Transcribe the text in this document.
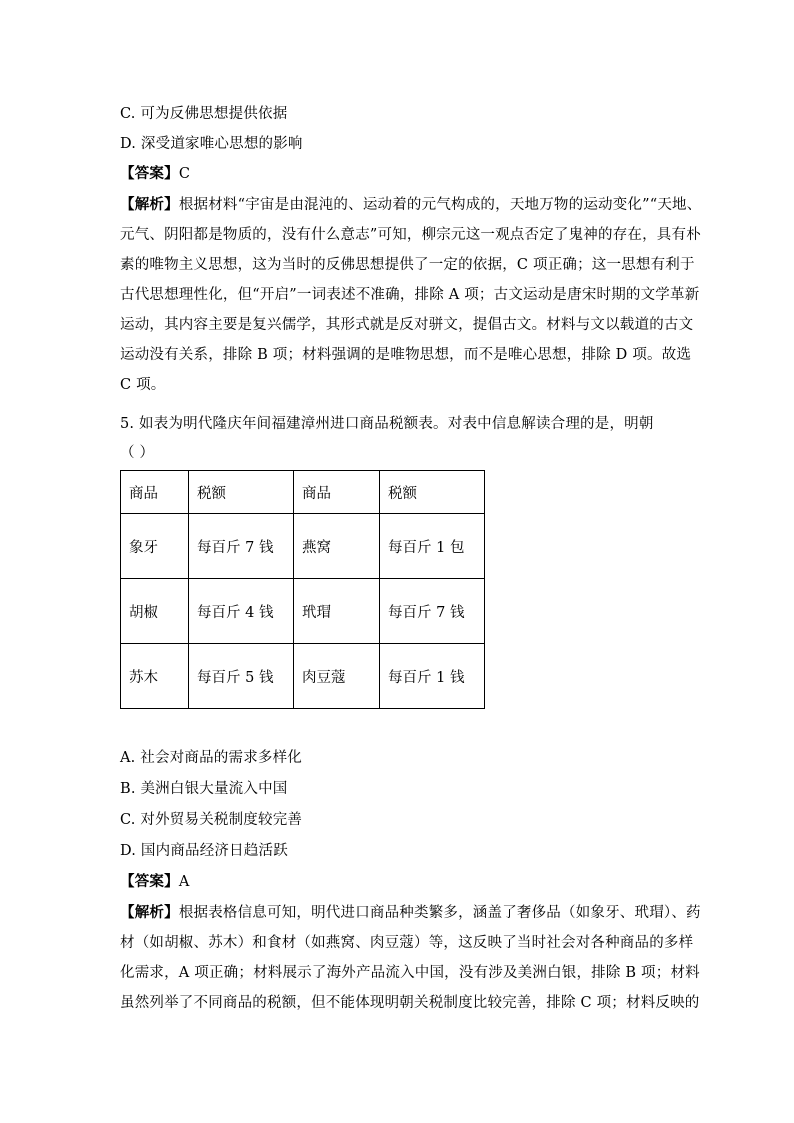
C. 可为反佛思想提供依据
D. 深受道家唯心思想的影响
【答案】C

【解析】根据材料“宇宙是由混沌的、运动着的元气构成的，天地万物的运动变化”“天地、

元气、阴阳都是物质的，没有什么意志”可知，柳宗元这一观点否定了鬼神的存在，具有朴

素的唯物主义思想，这为当时的反佛思想提供了一定的依据，C 项正确；这一思想有利于

古代思想理性化，但“开启”一词表述不准确，排除 A 项；古文运动是唐宋时期的文学革新

运动，其内容主要是复兴儒学，其形式就是反对骈文，提倡古文。材料与文以载道的古文

运动没有关系，排除 B 项；材料强调的是唯物思想，而不是唯心思想，排除 D 项。故选

C 项。

5. 如表为明代隆庆年间福建漳州进口商品税额表。对表中信息解读合理的是，明朝
（ ）
商品	税额	商品	税额
象牙	每百斤 7 钱	燕窝	每百斤 1 包
胡椒	每百斤 4 钱	玳瑁	每百斤 7 钱
苏木	每百斤 5 钱	肉豆蔻	每百斤 1 钱
A. 社会对商品的需求多样化
B. 美洲白银大量流入中国
C. 对外贸易关税制度较完善
D. 国内商品经济日趋活跃
【答案】A

【解析】根据表格信息可知，明代进口商品种类繁多，涵盖了奢侈品（如象牙、玳瑁）、药

材（如胡椒、苏木）和食材（如燕窝、肉豆蔻）等，这反映了当时社会对各种商品的多样

化需求，A 项正确；材料展示了海外产品流入中国，没有涉及美洲白银，排除 B 项；材料

虽然列举了不同商品的税额，但不能体现明朝关税制度比较完善，排除 C 项；材料反映的
